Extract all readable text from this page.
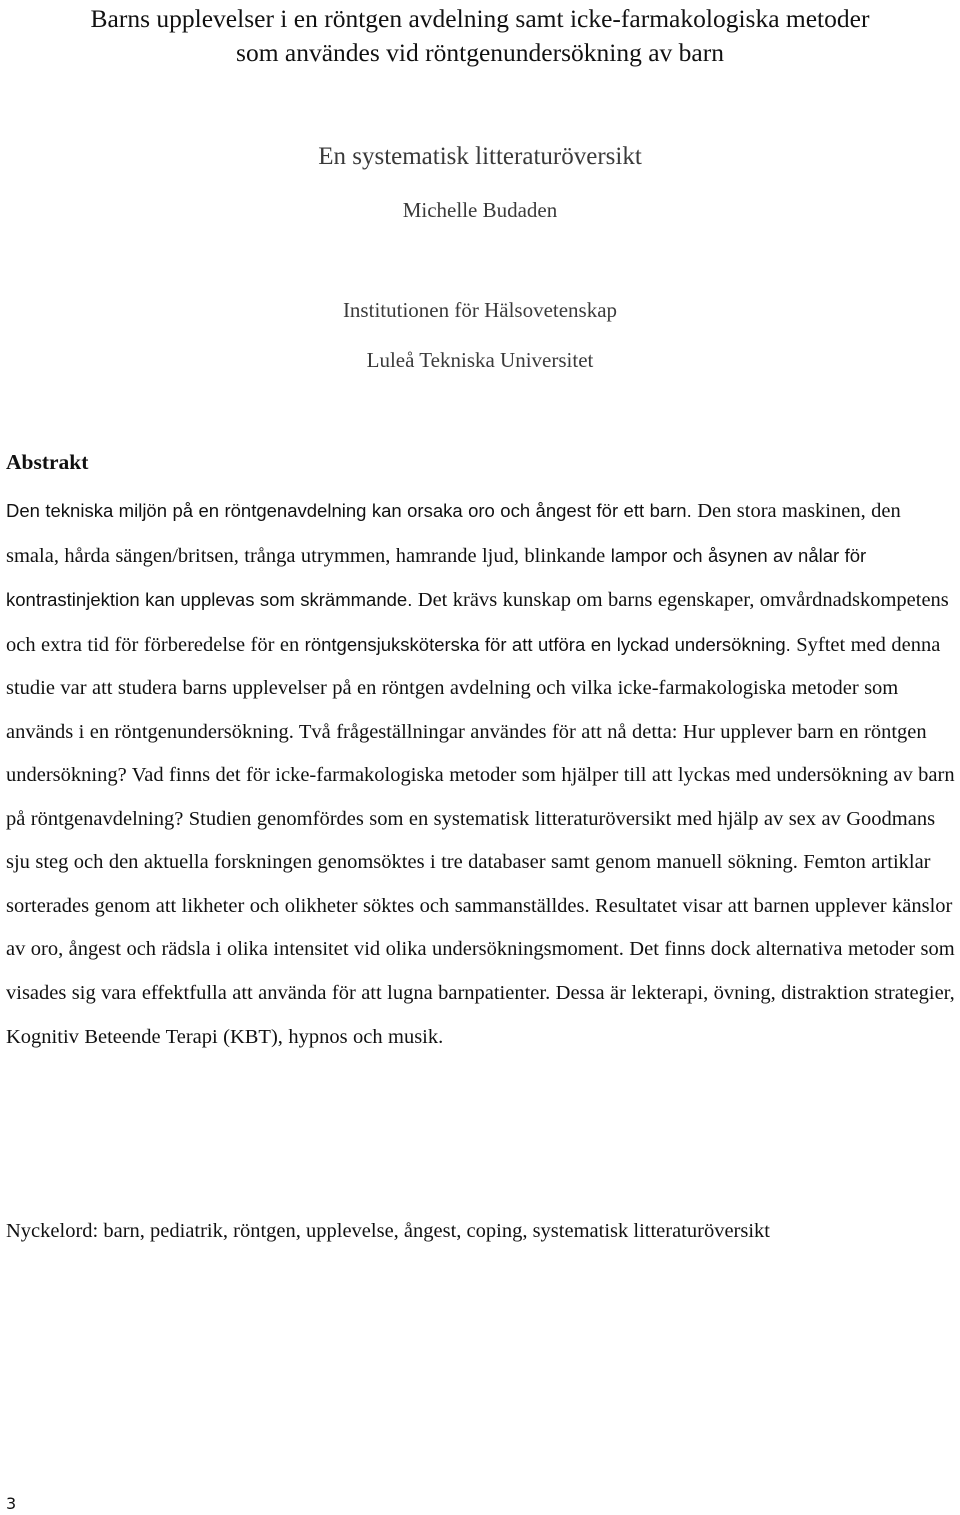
Barns upplevelser i en röntgen avdelning samt icke-farmakologiska metoder
som användes vid röntgenundersökning av barn
En systematisk litteraturöversikt
Michelle Budaden
Institutionen för Hälsovetenskap
Luleå Tekniska Universitet
Abstrakt

Den tekniska miljön på en röntgenavdelning kan orsaka oro och ångest för ett barn. Den stora maskinen, den smala, hårda sängen/britsen, trånga utrymmen, hamrande ljud, blinkande lampor och åsynen av nålar för kontrastinjektion kan upplevas som skrämmande. Det krävs kunskap om barns egenskaper, omvårdnadskompetens och extra tid för förberedelse för en röntgensjuksköterska för att utföra en lyckad undersökning. Syftet med denna studie var att studera barns upplevelser på en röntgen avdelning och vilka icke-farmakologiska metoder som används i en röntgenundersökning. Två frågeställningar användes för att nå detta: Hur upplever barn en röntgen undersökning? Vad finns det för icke-farmakologiska metoder som hjälper till att lyckas med undersökning av barn på röntgenavdelning? Studien genomfördes som en systematisk litteraturöversikt med hjälp av sex av Goodmans sju steg och den aktuella forskningen genomsöktes i tre databaser samt genom manuell sökning. Femton artiklar sorterades genom att likheter och olikheter söktes och sammanställdes. Resultatet visar att barnen upplever känslor av oro, ångest och rädsla i olika intensitet vid olika undersökningsmoment. Det finns dock alternativa metoder som visades sig vara effektfulla att använda för att lugna barnpatienter. Dessa är lekterapi, övning, distraktion strategier, Kognitiv Beteende Terapi (KBT), hypnos och musik.

Nyckelord: barn, pediatrik, röntgen, upplevelse, ångest, coping, systematisk litteraturöversikt

3
